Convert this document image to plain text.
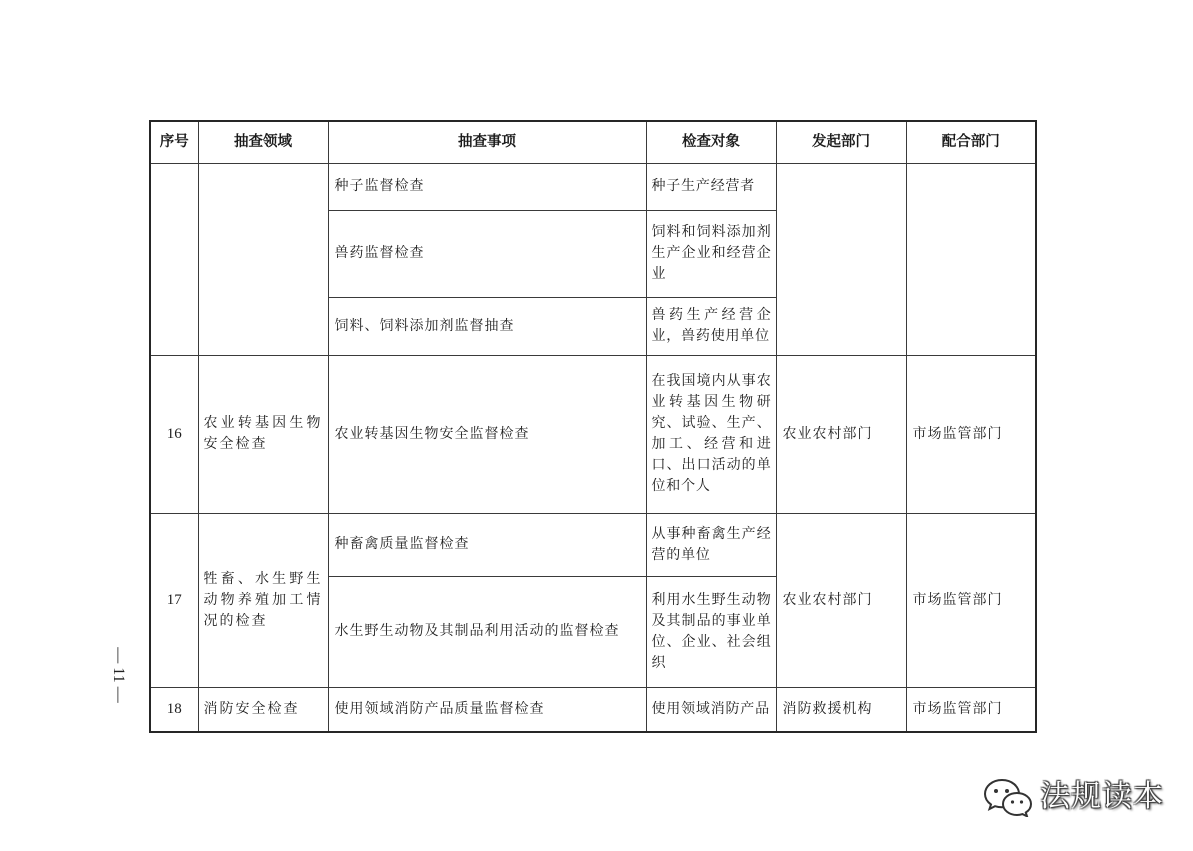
序号	抽查领域	抽查事项	检查对象	发起部门	配合部门
		种子监督检查	种子生产经营者		
		兽药监督检查	饲料和饲料添加剂生产企业和经营企业		
		饲料、饲料添加剂监督抽查	兽药生产经营企业，兽药使用单位		
16	农业转基因生物安全检查	农业转基因生物安全监督检查	在我国境内从事农业转基因生物研究、试验、生产、加工、经营和进口、出口活动的单位和个人	农业农村部门	市场监管部门
17	牲畜、水生野生动物养殖加工情况的检查	种畜禽质量监督检查	从事种畜禽生产经营的单位	农业农村部门	市场监管部门
		水生野生动物及其制品利用活动的监督检查	利用水生野生动物及其制品的事业单位、企业、社会组织		
18	消防安全检查	使用领域消防产品质量监督检查	使用领域消防产品	消防救援机构	市场监管部门
— 11 —
法规读本
